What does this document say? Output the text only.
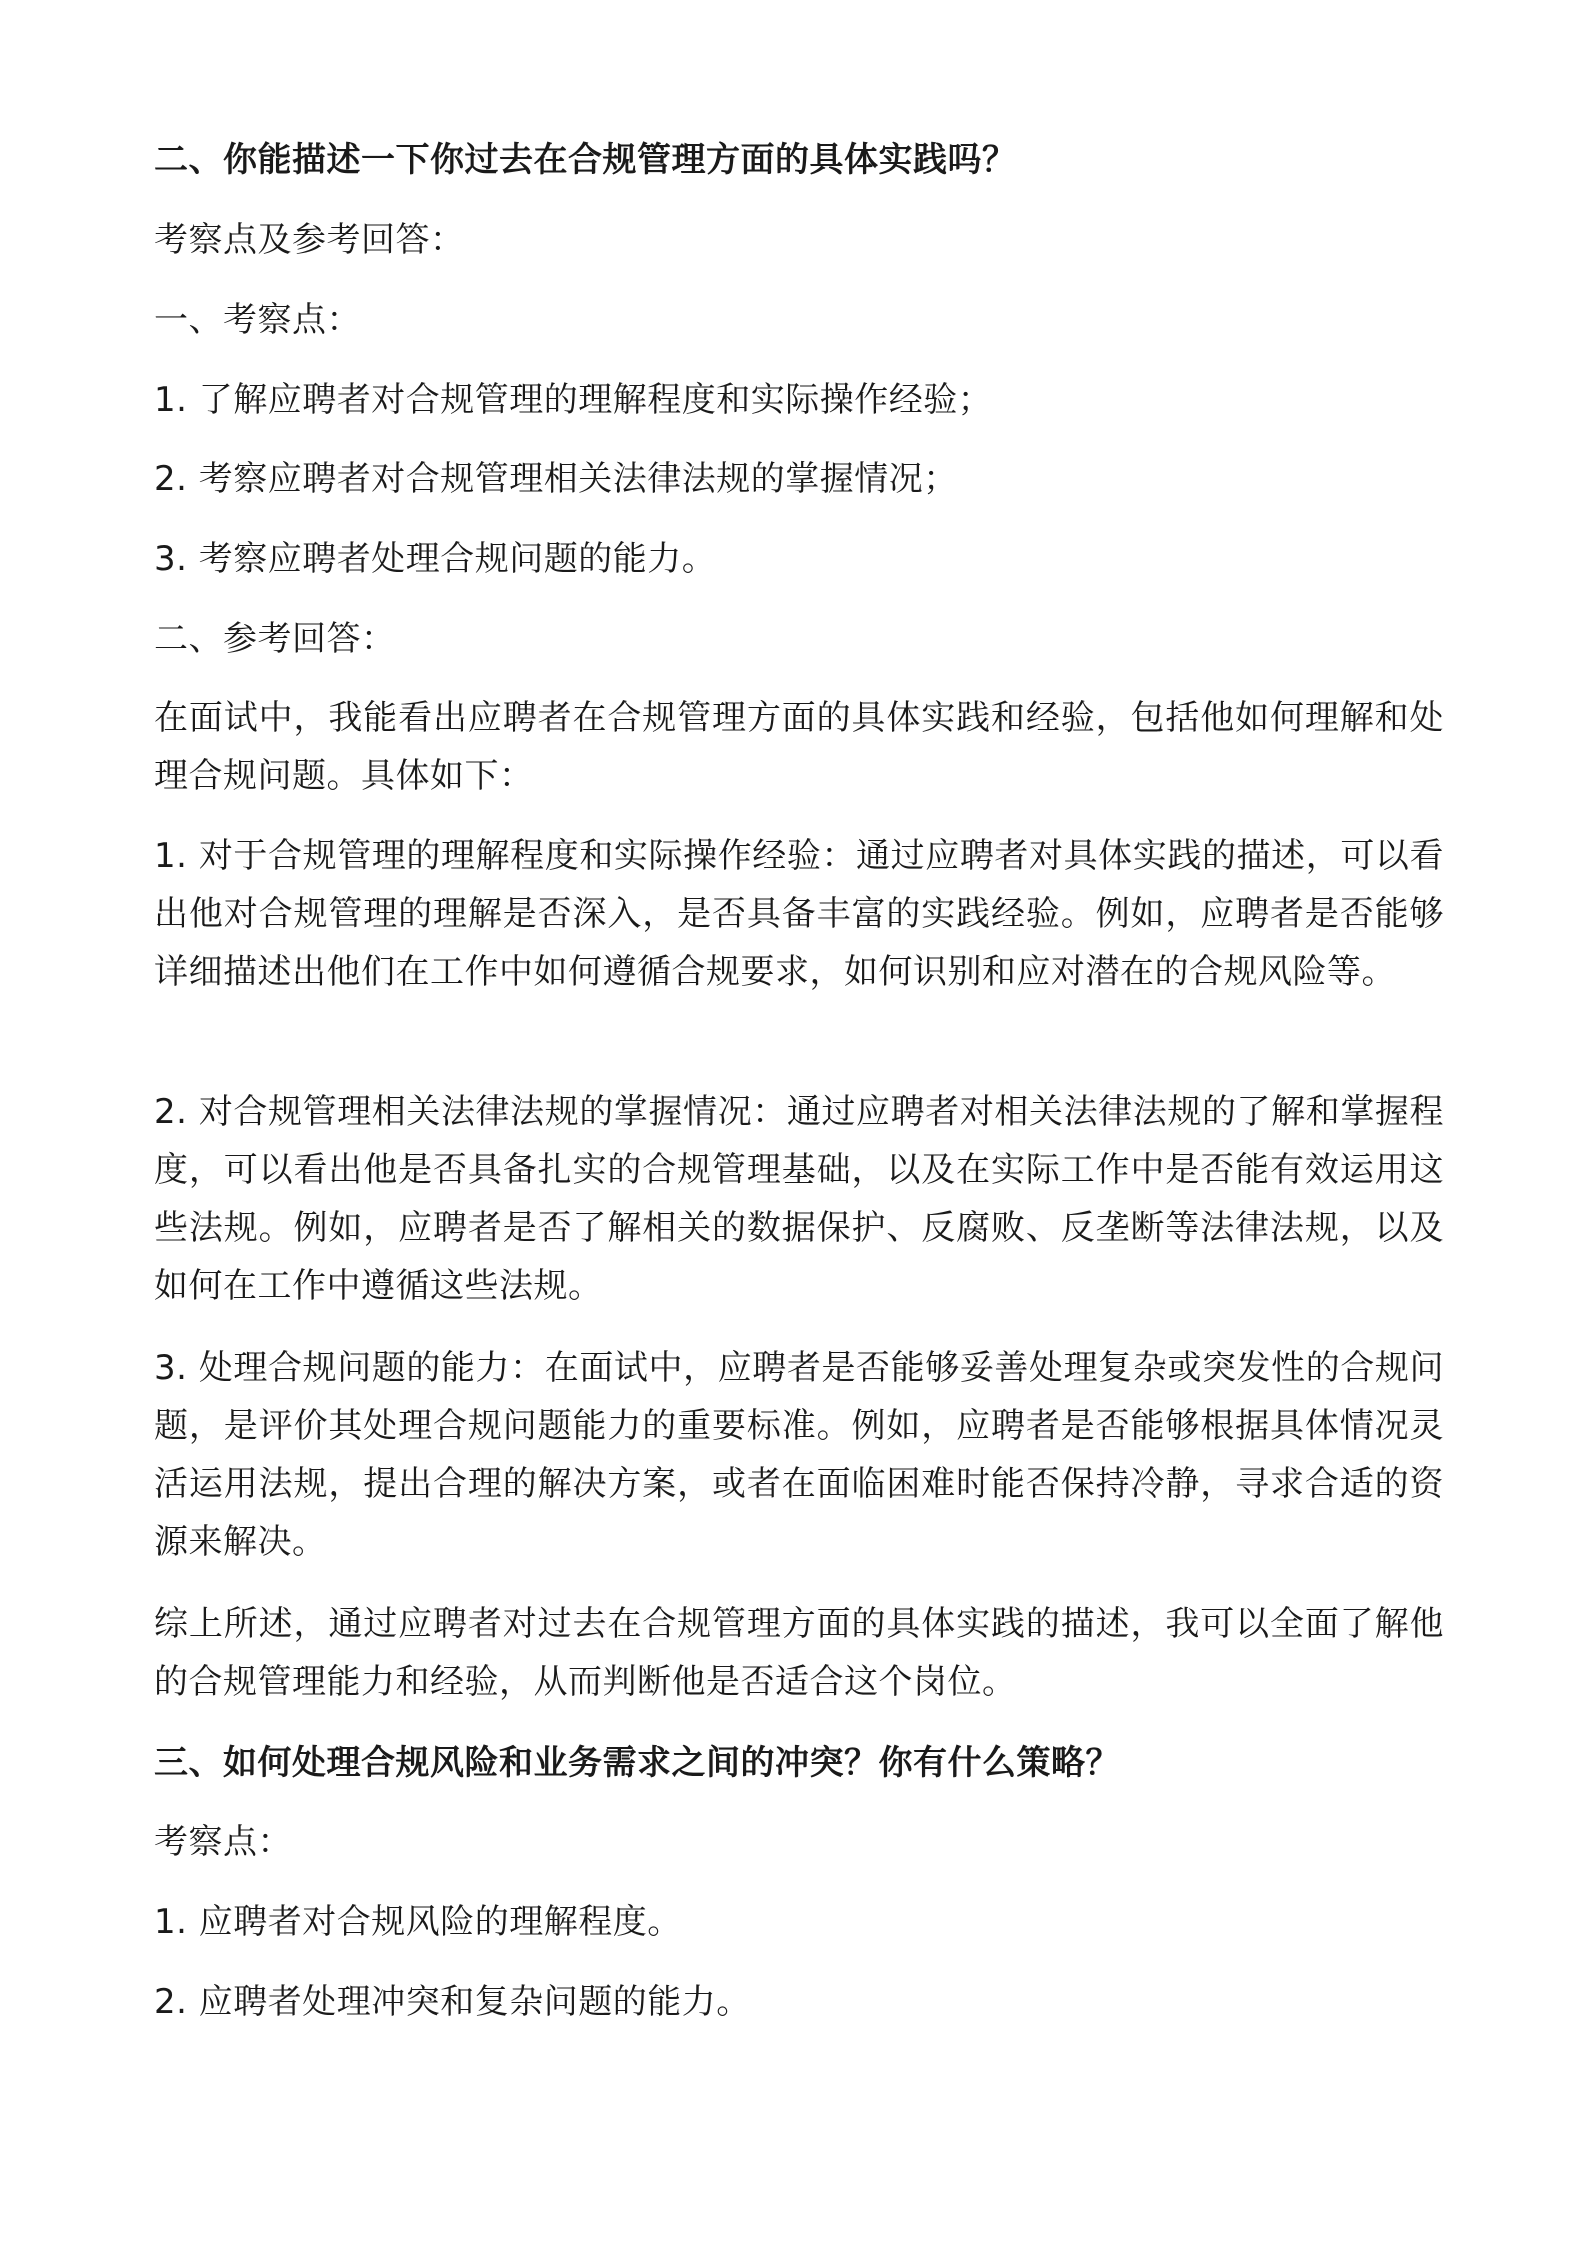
二、你能描述一下你过去在合规管理方面的具体实践吗？

考察点及参考回答：

一、考察点：

1. 了解应聘者对合规管理的理解程度和实际操作经验；

2. 考察应聘者对合规管理相关法律法规的掌握情况；

3. 考察应聘者处理合规问题的能力。

二、参考回答：

在面试中，我能看出应聘者在合规管理方面的具体实践和经验，包括他如何理解和处理合规问题。具体如下：

1. 对于合规管理的理解程度和实际操作经验：通过应聘者对具体实践的描述，可以看出他对合规管理的理解是否深入，是否具备丰富的实践经验。例如，应聘者是否能够详细描述出他们在工作中如何遵循合规要求，如何识别和应对潜在的合规风险等。

2. 对合规管理相关法律法规的掌握情况：通过应聘者对相关法律法规的了解和掌握程度，可以看出他是否具备扎实的合规管理基础，以及在实际工作中是否能有效运用这些法规。例如，应聘者是否了解相关的数据保护、反腐败、反垄断等法律法规，以及如何在工作中遵循这些法规。

3. 处理合规问题的能力：在面试中，应聘者是否能够妥善处理复杂或突发性的合规问题，是评价其处理合规问题能力的重要标准。例如，应聘者是否能够根据具体情况灵活运用法规，提出合理的解决方案，或者在面临困难时能否保持冷静，寻求合适的资源来解决。

综上所述，通过应聘者对过去在合规管理方面的具体实践的描述，我可以全面了解他的合规管理能力和经验，从而判断他是否适合这个岗位。

三、如何处理合规风险和业务需求之间的冲突？你有什么策略？

考察点：

1. 应聘者对合规风险的理解程度。

2. 应聘者处理冲突和复杂问题的能力。
